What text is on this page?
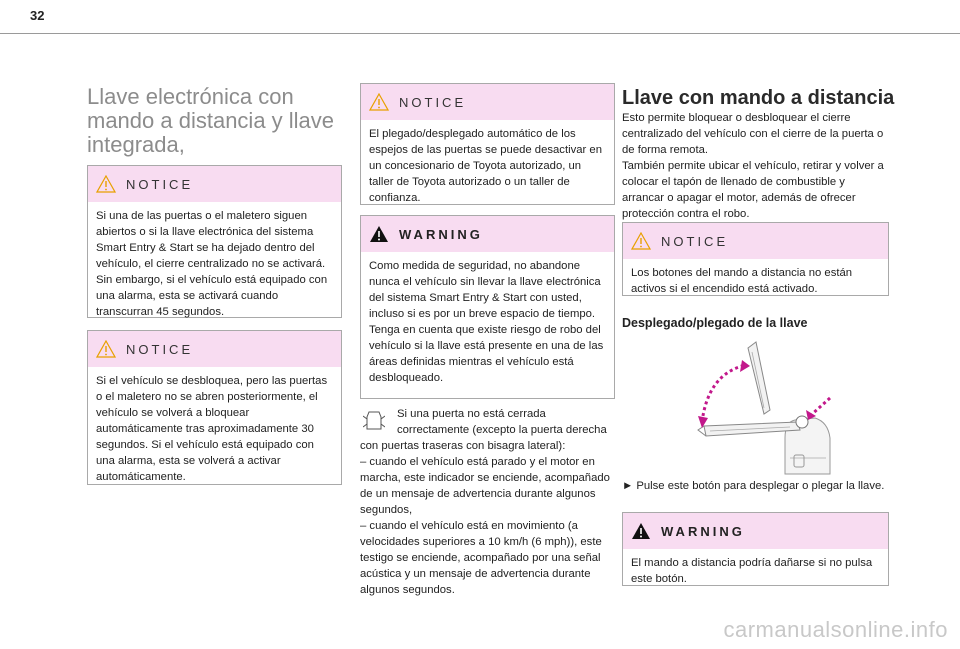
32
Llave electrónica con mando a distancia y llave integrada,
NOTICE
Si una de las puertas o el maletero siguen abiertos o si la llave electrónica del sistema Smart Entry & Start se ha dejado dentro del vehículo, el cierre centralizado no se activará.
Sin embargo, si el vehículo está equipado con una alarma, esta se activará cuando transcurran 45 segundos.
NOTICE
Si el vehículo se desbloquea, pero las puertas o el maletero no se abren posteriormente, el vehículo se volverá a bloquear automáticamente tras aproximadamente 30 segundos. Si el vehículo está equipado con una alarma, esta se volverá a activar automáticamente.
NOTICE
El plegado/desplegado automático de los espejos de las puertas se puede desactivar en un concesionario de Toyota autorizado, un taller de Toyota autorizado o un taller de confianza.
WARNING
Como medida de seguridad, no abandone nunca el vehículo sin llevar la llave electrónica del sistema Smart Entry & Start con usted, incluso si es por un breve espacio de tiempo.
Tenga en cuenta que existe riesgo de robo del vehículo si la llave está presente en una de las áreas definidas mientras el vehículo está desbloqueado.
Si una puerta no está cerrada
correctamente (excepto la puerta derecha
con puertas traseras con bisagra lateral):
– cuando el vehículo está parado y el motor en marcha, este indicador se enciende, acompañado de un mensaje de advertencia durante algunos segundos,
– cuando el vehículo está en movimiento (a velocidades superiores a 10 km/h (6 mph)), este testigo se enciende, acompañado por una señal acústica y un mensaje de advertencia durante algunos segundos.
Llave con mando a distancia
Esto permite bloquear o desbloquear el cierre centralizado del vehículo con el cierre de la puerta o de forma remota.
También permite ubicar el vehículo, retirar y volver a colocar el tapón de llenado de combustible y arrancar o apagar el motor, además de ofrecer protección contra el robo.
NOTICE
Los botones del mando a distancia no están activos si el encendido está activado.
Desplegado/plegado de la llave
► Pulse este botón para desplegar o plegar la llave.
WARNING
El mando a distancia podría dañarse si no pulsa este botón.
carmanualsonline.info
